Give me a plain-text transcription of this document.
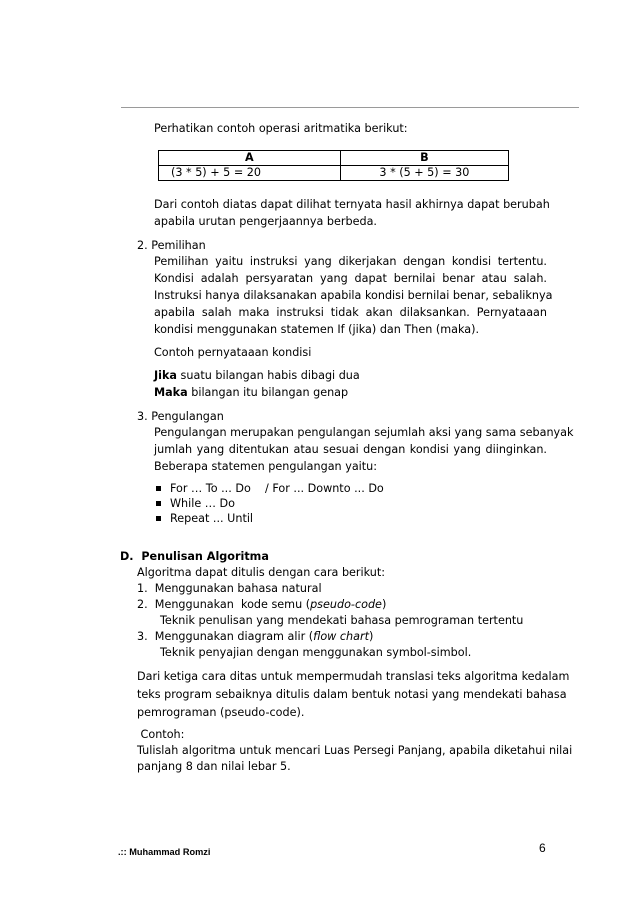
Perhatikan contoh operasi aritmatika berikut:
A	B
(3 * 5) + 5 = 20	3 * (5 + 5) = 30
Dari contoh diatas dapat dilihat ternyata hasil akhirnya dapat berubah
apabila urutan pengerjaannya berbeda.
2. Pemilihan
Pemilihan yaitu instruksi yang dikerjakan dengan kondisi tertentu.
Kondisi adalah persyaratan yang dapat bernilai benar atau salah.
Instruksi hanya dilaksanakan apabila kondisi bernilai benar, sebaliknya
apabila salah maka instruksi tidak akan dilaksankan. Pernyataaan
kondisi menggunakan statemen If (jika) dan Then (maka).
Contoh pernyataaan kondisi
Jika suatu bilangan habis dibagi dua
Maka bilangan itu bilangan genap
3. Pengulangan
Pengulangan merupakan pengulangan sejumlah aksi yang sama sebanyak
jumlah yang ditentukan atau sesuai dengan kondisi yang diinginkan.
Beberapa statemen pengulangan yaitu:
For … To ... Do    / For ... Downto ... Do
While … Do
Repeat ... Until
D.  Penulisan Algoritma
Algoritma dapat ditulis dengan cara berikut:
1.  Menggunakan bahasa natural
2.  Menggunakan  kode semu (pseudo-code)
Teknik penulisan yang mendekati bahasa pemrograman tertentu
3.  Menggunakan diagram alir (flow chart)
Teknik penyajian dengan menggunakan symbol-simbol.
Dari ketiga cara ditas untuk mempermudah translasi teks algoritma kedalam
teks program sebaiknya ditulis dalam bentuk notasi yang mendekati bahasa
pemrograman (pseudo-code).
Contoh:
Tulislah algoritma untuk mencari Luas Persegi Panjang, apabila diketahui nilai
panjang 8 dan nilai lebar 5.
.:: Muhammad Romzi	6
